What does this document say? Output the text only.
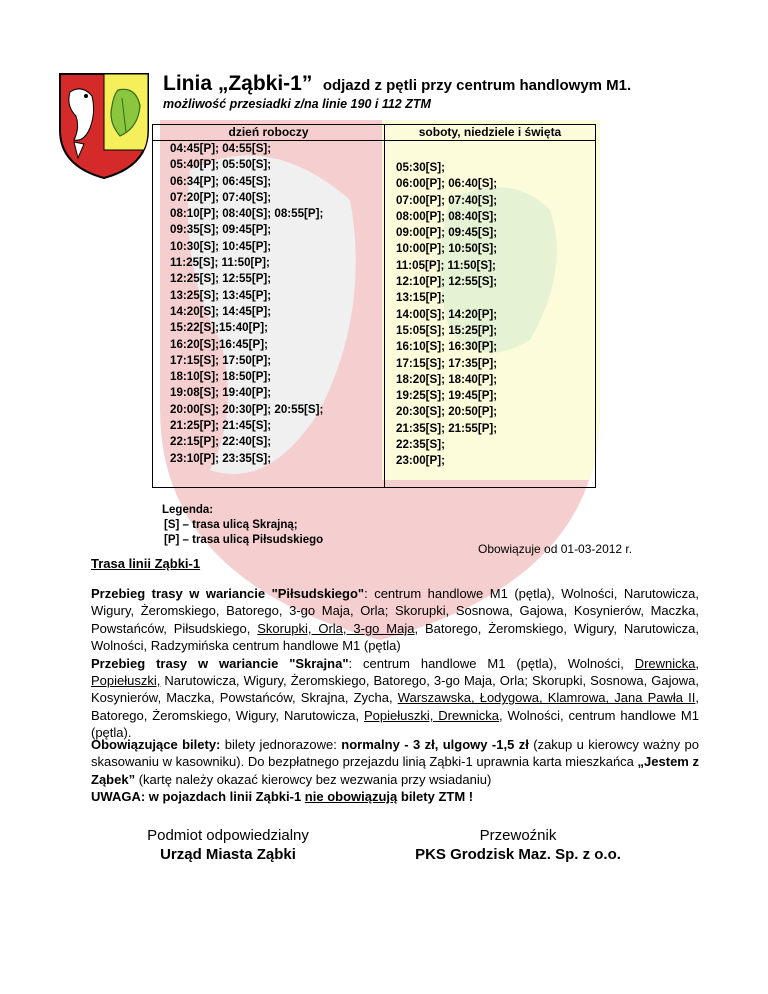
Linia „Ząbki-1” odjazd z pętli przy centrum handlowym M1.
możliwość przesiadki z/na linie 190 i 112 ZTM
dzień roboczy	soboty, niedziele i święta
04:45[P]; 04:55[S];
05:40[P]; 05:50[S];
06:34[P]; 06:45[S];
07:20[P]; 07:40[S];
08:10[P]; 08:40[S]; 08:55[P];
09:35[S]; 09:45[P];
10:30[S]; 10:45[P];
11:25[S]; 11:50[P];
12:25[S]; 12:55[P];
13:25[S]; 13:45[P];
14:20[S]; 14:45[P];
15:22[S];15:40[P];
16:20[S];16:45[P];
17:15[S]; 17:50[P];
18:10[S]; 18:50[P];
19:08[S]; 19:40[P];
20:00[S]; 20:30[P]; 20:55[S];
21:25[P]; 21:45[S];
22:15[P]; 22:40[S];
23:10[P]; 23:35[S];
05:30[S];
06:00[P]; 06:40[S];
07:00[P]; 07:40[S];
08:00[P]; 08:40[S];
09:00[P]; 09:45[S];
10:00[P]; 10:50[S];
11:05[P]; 11:50[S];
12:10[P]; 12:55[S];
13:15[P];
14:00[S]; 14:20[P];
15:05[S]; 15:25[P];
16:10[S]; 16:30[P];
17:15[S]; 17:35[P];
18:20[S]; 18:40[P];
19:25[S]; 19:45[P];
20:30[S]; 20:50[P];
21:35[S]; 21:55[P];
22:35[S];
23:00[P];
Legenda:
[S] – trasa ulicą Skrajną;
[P] – trasa ulicą Piłsudskiego
Obowiązuje od 01-03-2012 r.
Trasa linii Ząbki-1
Przebieg trasy w wariancie "Piłsudskiego": centrum handlowe M1 (pętla), Wolności, Narutowicza, Wigury, Żeromskiego, Batorego, 3-go Maja, Orla; Skorupki, Sosnowa, Gajowa, Kosynierów, Maczka, Powstańców, Piłsudskiego, Skorupki, Orla, 3-go Maja, Batorego, Żeromskiego, Wigury, Narutowicza, Wolności, Radzymińska centrum handlowe M1 (pętla)
Przebieg trasy w wariancie "Skrajna": centrum handlowe M1 (pętla), Wolności, Drewnicka, Popiełuszki, Narutowicza, Wigury, Żeromskiego, Batorego, 3-go Maja, Orla; Skorupki, Sosnowa, Gajowa, Kosynierów, Maczka, Powstańców, Skrajna, Zycha, Warszawska, Łodygowa, Klamrowa, Jana Pawła II, Batorego, Żeromskiego, Wigury, Narutowicza, Popiełuszki, Drewnicka, Wolności, centrum handlowe M1 (pętla).
Obowiązujące bilety: bilety jednorazowe: normalny - 3 zł, ulgowy -1,5 zł (zakup u kierowcy ważny po skasowaniu w kasowniku). Do bezpłatnego przejazdu linią Ząbki-1 uprawnia karta mieszkańca „Jestem z Ząbek” (kartę należy okazać kierowcy bez wezwania przy wsiadaniu)
UWAGA: w pojazdach linii Ząbki-1 nie obowiązują bilety ZTM !
Podmiot odpowiedzialny
Urząd Miasta Ząbki
Przewoźnik
PKS Grodzisk Maz. Sp. z o.o.
